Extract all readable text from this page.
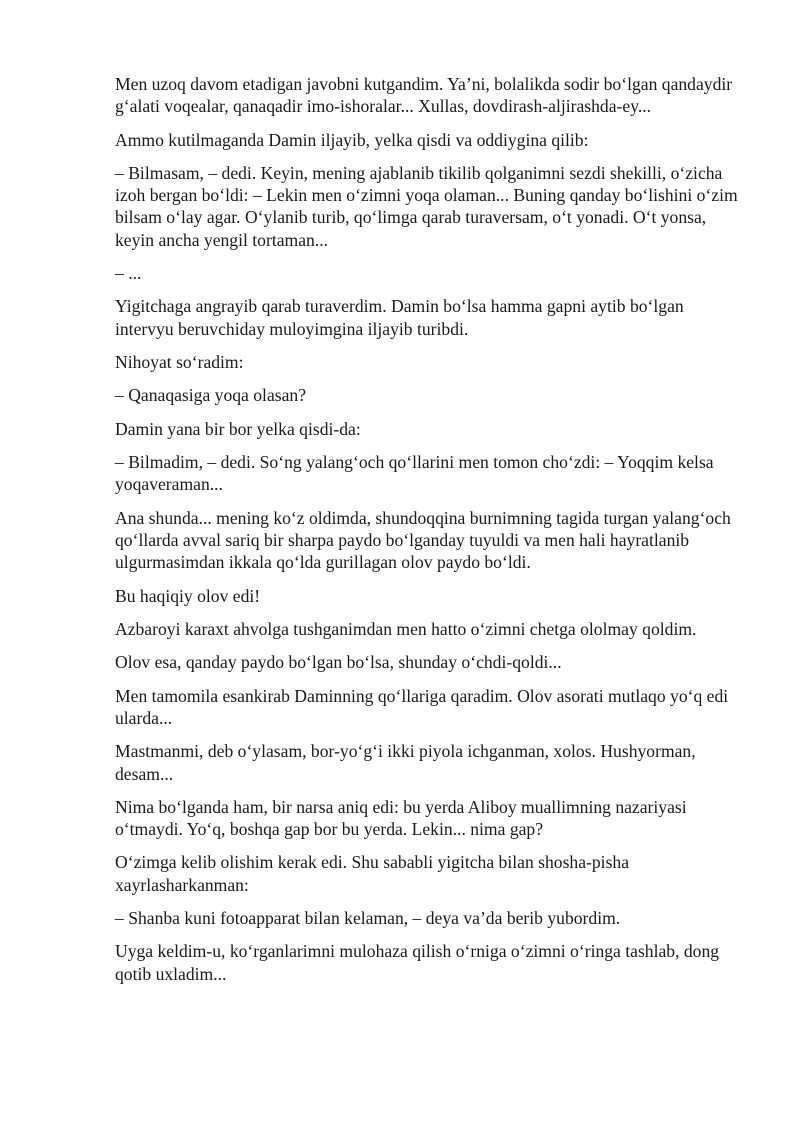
Men uzoq davom etadigan javobni kutgandim. Ya’ni, bolalikda sodir bo‘lgan qandaydir g‘alati voqealar, qanaqadir imo-ishoralar... Xullas, dovdirash-aljirashda-ey...

Ammo kutilmaganda Damin iljayib, yelka qisdi va oddiygina qilib:

– Bilmasam, – dedi. Keyin, mening ajablanib tikilib qolganimni sezdi shekilli, o‘zicha izoh bergan bo‘ldi: – Lekin men o‘zimni yoqa olaman... Buning qanday bo‘lishini o‘zim bilsam o‘lay agar. O‘ylanib turib, qo‘limga qarab turaversam, o‘t yonadi. O‘t yonsa, keyin ancha yengil tortaman...

– ...

Yigitchaga angrayib qarab turaverdim. Damin bo‘lsa hamma gapni aytib bo‘lgan intervyu beruvchiday muloyimgina iljayib turibdi.

Nihoyat so‘radim:

– Qanaqasiga yoqa olasan?

Damin yana bir bor yelka qisdi-da:

– Bilmadim, – dedi. So‘ng yalang‘och qo‘llarini men tomon cho‘zdi: – Yoqqim kelsa yoqaveraman...

Ana shunda... mening ko‘z oldimda, shundoqqina burnimning tagida turgan yalang‘och qo‘llarda avval sariq bir sharpa paydo bo‘lganday tuyuldi va men hali hayratlanib ulgurmasimdan ikkala qo‘lda gurillagan olov paydo bo‘ldi.

Bu haqiqiy olov edi!

Azbaroyi karaxt ahvolga tushganimdan men hatto o‘zimni chetga ololmay qoldim.

Olov esa, qanday paydo bo‘lgan bo‘lsa, shunday o‘chdi-qoldi...

Men tamomila esankirab Daminning qo‘llariga qaradim. Olov asorati mutlaqo yo‘q edi ularda...

Mastmanmi, deb o‘ylasam, bor-yo‘g‘i ikki piyola ichganman, xolos. Hushyorman, desam...

Nima bo‘lganda ham, bir narsa aniq edi: bu yerda Aliboy muallimning nazariyasi o‘tmaydi. Yo‘q, boshqa gap bor bu yerda. Lekin... nima gap?

O‘zimga kelib olishim kerak edi. Shu sababli yigitcha bilan shosha-pisha xayrlasharkanman:

– Shanba kuni fotoapparat bilan kelaman, – deya va’da berib yubordim.

Uyga keldim-u, ko‘rganlarimni mulohaza qilish o‘rniga o‘zimni o‘ringa tashlab, dong qotib uxladim...
